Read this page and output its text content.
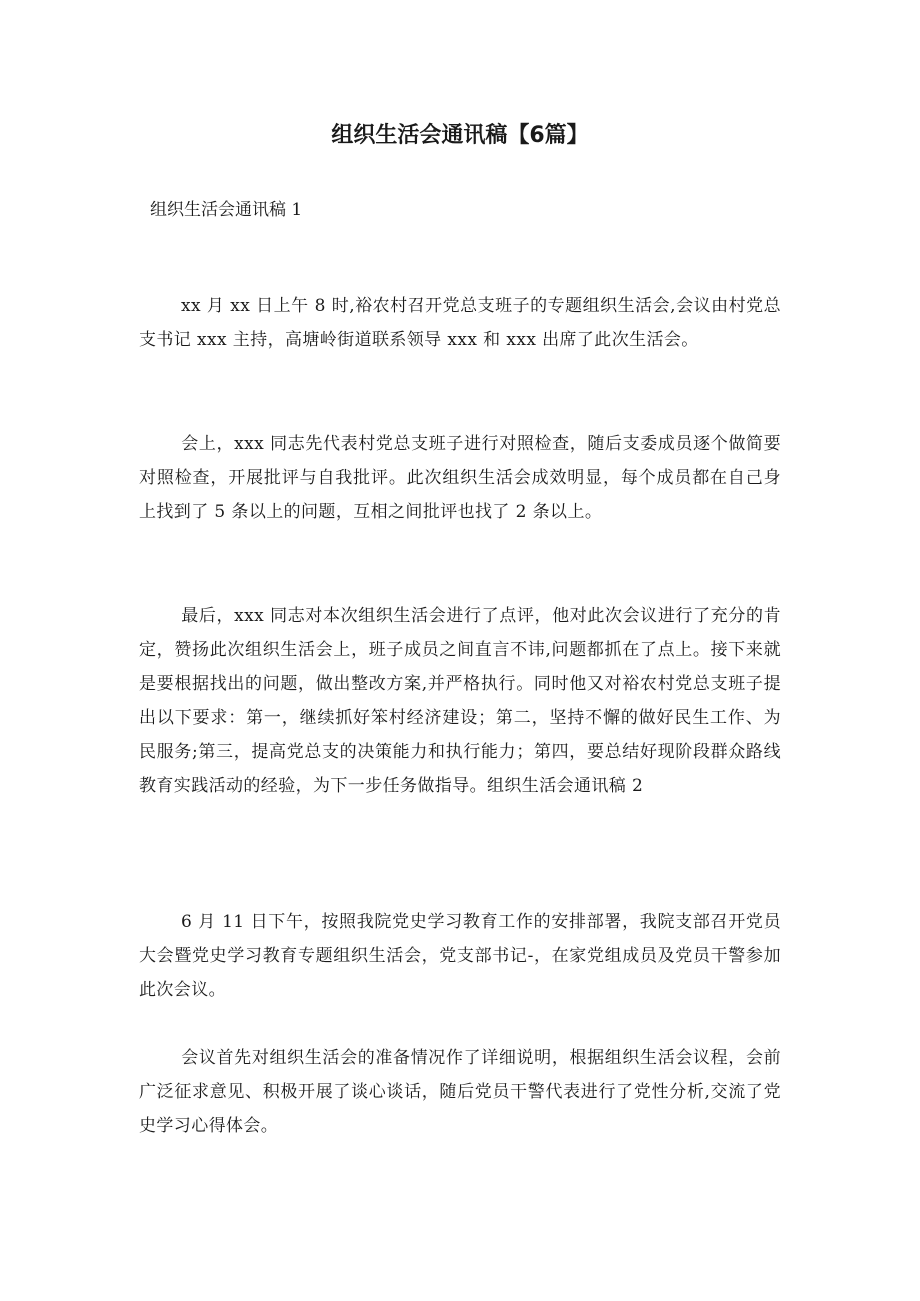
组织生活会通讯稿【6篇】

组织生活会通讯稿 1

xx 月 xx 日上午 8 时,裕农村召开党总支班子的专题组织生活会,会议由村党总支书记 xxx 主持，高塘岭街道联系领导 xxx 和 xxx 出席了此次生活会。

会上，xxx 同志先代表村党总支班子进行对照检查，随后支委成员逐个做简要对照检查，开展批评与自我批评。此次组织生活会成效明显，每个成员都在自己身上找到了 5 条以上的问题，互相之间批评也找了 2 条以上。

最后，xxx 同志对本次组织生活会进行了点评，他对此次会议进行了充分的肯定，赞扬此次组织生活会上，班子成员之间直言不讳,问题都抓在了点上。接下来就是要根据找出的问题，做出整改方案,并严格执行。同时他又对裕农村党总支班子提出以下要求：第一，继续抓好笨村经济建设；第二，坚持不懈的做好民生工作、为民服务;第三，提高党总支的决策能力和执行能力；第四，要总结好现阶段群众路线教育实践活动的经验，为下一步任务做指导。组织生活会通讯稿 2

6 月 11 日下午，按照我院党史学习教育工作的安排部署，我院支部召开党员大会暨党史学习教育专题组织生活会，党支部书记-，在家党组成员及党员干警参加此次会议。

会议首先对组织生活会的准备情况作了详细说明，根据组织生活会议程，会前广泛征求意见、积极开展了谈心谈话，随后党员干警代表进行了党性分析,交流了党史学习心得体会。
